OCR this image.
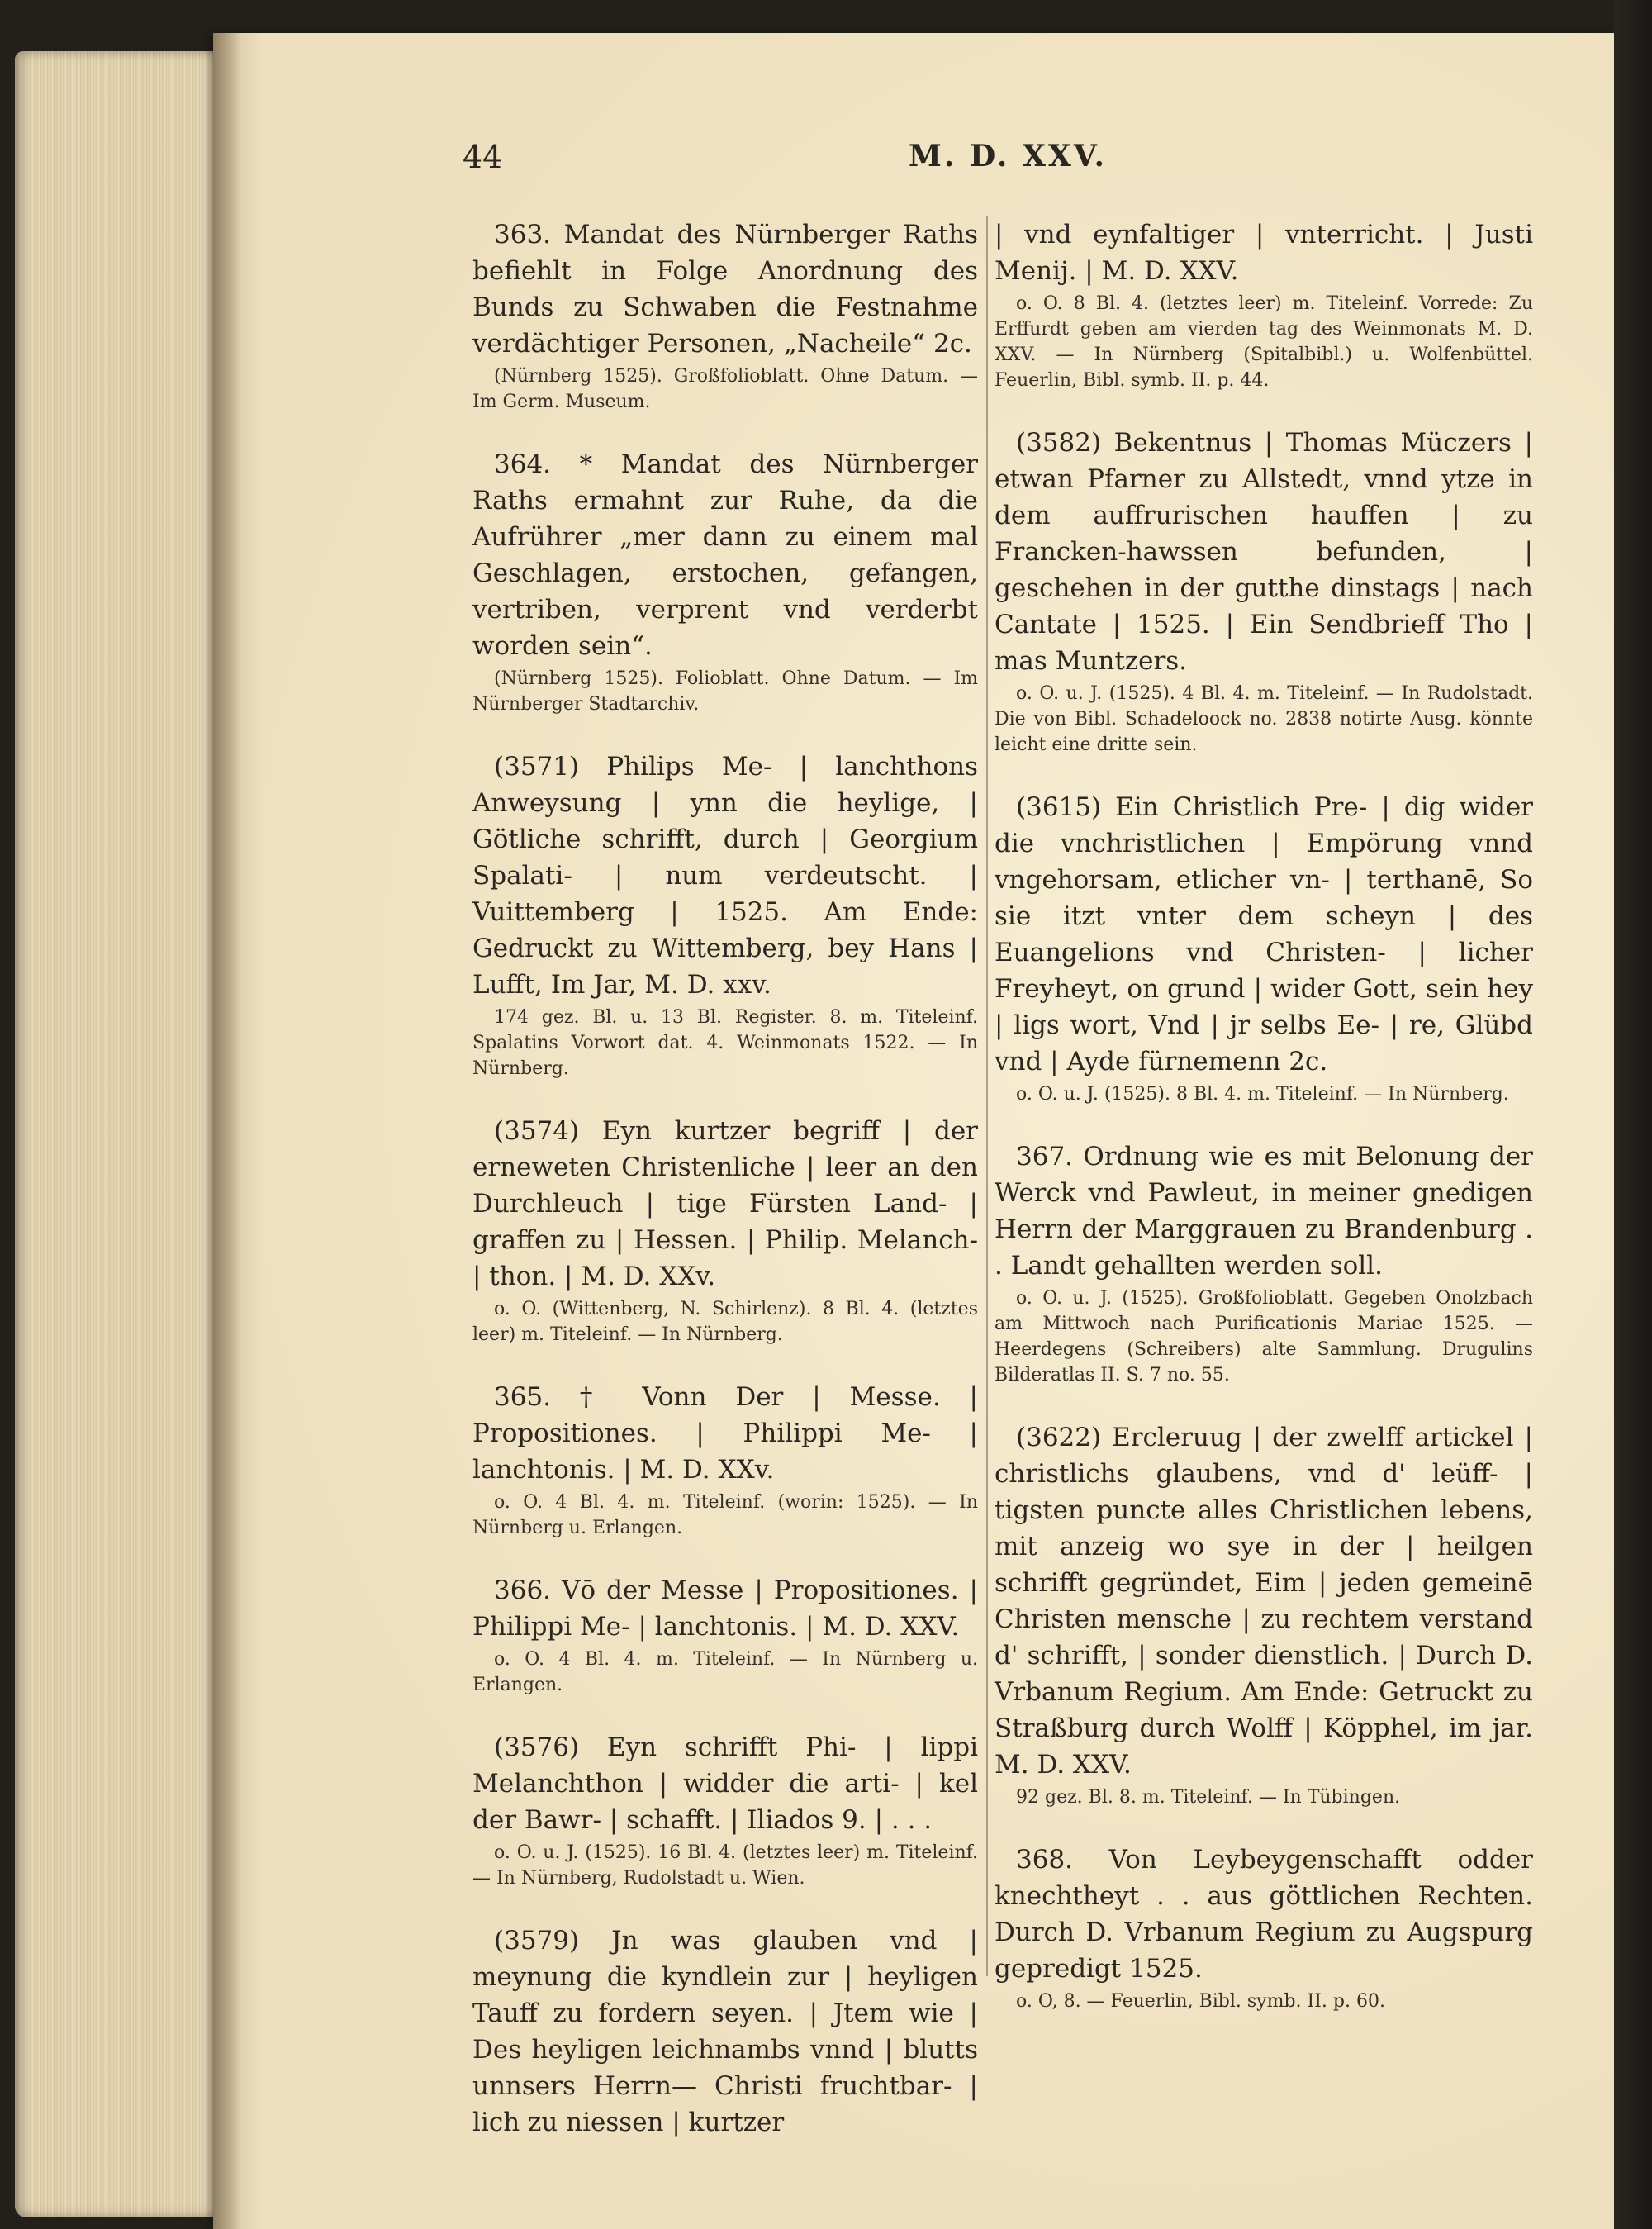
44	M. D. XXV.

363. Mandat des Nürnberger Raths befiehlt in Folge Anordnung des Bunds zu Schwaben die Festnahme verdächtiger Personen, „Nacheile“ 2c.

(Nürnberg 1525). Großfolioblatt. Ohne Datum. — Im Germ. Museum.

364. * Mandat des Nürnberger Raths ermahnt zur Ruhe, da die Aufrührer „mer dann zu einem mal Geschlagen, erstochen, gefangen, vertriben, verprent vnd verderbt worden sein“.

(Nürnberg 1525). Folioblatt. Ohne Datum. — Im Nürnberger Stadtarchiv.

(3571) Philips Me- | lanchthons Anweysung | ynn die heylige, | Götliche schrifft, durch | Georgium Spalati- | num verdeutscht. | Vuittemberg | 1525. Am Ende: Gedruckt zu Wittemberg, bey Hans | Lufft, Im Jar, M. D. xxv.

174 gez. Bl. u. 13 Bl. Register. 8. m. Titeleinf. Spalatins Vorwort dat. 4. Weinmonats 1522. — In Nürnberg.

(3574) Eyn kurtzer begriff | der erneweten Christenliche | leer an den Durchleuch | tige Fürsten Land- | graffen zu | Hessen. | Philip. Melanch- | thon. | M. D. XXv.

o. O. (Wittenberg, N. Schirlenz). 8 Bl. 4. (letztes leer) m. Titeleinf. — In Nürnberg.

365. † Vonn Der | Messe. | Propositiones. | Philippi Me- | lanchtonis. | M. D. XXv.

o. O. 4 Bl. 4. m. Titeleinf. (worin: 1525). — In Nürnberg u. Erlangen.

366. Vō der Messe | Propositiones. | Philippi Me- | lanchtonis. | M. D. XXV.

o. O. 4 Bl. 4. m. Titeleinf. — In Nürnberg u. Erlangen.

(3576) Eyn schrifft Phi- | lippi Melanchthon | widder die arti- | kel der Bawr- | schafft. | Iliados 9. | . . .

o. O. u. J. (1525). 16 Bl. 4. (letztes leer) m. Titeleinf. — In Nürnberg, Rudolstadt u. Wien.

(3579) Jn was glauben vnd | meynung die kyndlein zur | heyligen Tauff zu fordern seyen. | Jtem wie | Des heyligen leichnambs vnnd | blutts unnsers Herrn— Christi fruchtbar- | lich zu niessen | kurtzer

| vnd eynfaltiger | vnterricht. | Justi Menij. | M. D. XXV.

o. O. 8 Bl. 4. (letztes leer) m. Titeleinf. Vorrede: Zu Erffurdt geben am vierden tag des Weinmonats M. D. XXV. — In Nürnberg (Spitalbibl.) u. Wolfenbüttel. Feuerlin, Bibl. symb. II. p. 44.

(3582) Bekentnus | Thomas Müczers | etwan Pfarner zu Allstedt, vnnd ytze in dem auffrurischen hauffen | zu Francken-hawssen befunden, | geschehen in der gutthe dinstags | nach Cantate | 1525. | Ein Sendbrieff Tho | mas Muntzers.

o. O. u. J. (1525). 4 Bl. 4. m. Titeleinf. — In Rudolstadt. Die von Bibl. Schadeloock no. 2838 notirte Ausg. könnte leicht eine dritte sein.

(3615) Ein Christlich Pre- | dig wider die vnchristlichen | Empörung vnnd vngehorsam, etlicher vn- | terthanē, So sie itzt vnter dem scheyn | des Euangelions vnd Christen- | licher Freyheyt, on grund | wider Gott, sein hey | ligs wort, Vnd | jr selbs Ee- | re, Glübd vnd | Ayde fürnemenn 2c.

o. O. u. J. (1525). 8 Bl. 4. m. Titeleinf. — In Nürnberg.

367. Ordnung wie es mit Belonung der Werck vnd Pawleut, in meiner gnedigen Herrn der Marggrauen zu Brandenburg . . Landt gehallten werden soll.

o. O. u. J. (1525). Großfolioblatt. Gegeben Onolzbach am Mittwoch nach Purificationis Mariae 1525. — Heerdegens (Schreibers) alte Sammlung. Drugulins Bilderatlas II. S. 7 no. 55.

(3622) Ercleruug | der zwelff artickel | christlichs glaubens, vnd d' leüff- | tigsten puncte alles Christlichen lebens, mit anzeig wo sye in der | heilgen schrifft gegründet, Eim | jeden gemeinē Christen mensche | zu rechtem verstand d' schrifft, | sonder dienstlich. | Durch D. Vrbanum Regium. Am Ende: Getruckt zu Straßburg durch Wolff | Köpphel, im jar. M. D. XXV.

92 gez. Bl. 8. m. Titeleinf. — In Tübingen.

368. Von Leybeygenschafft odder knechtheyt . . aus göttlichen Rechten. Durch D. Vrbanum Regium zu Augspurg gepredigt 1525.

o. O, 8. — Feuerlin, Bibl. symb. II. p. 60.
